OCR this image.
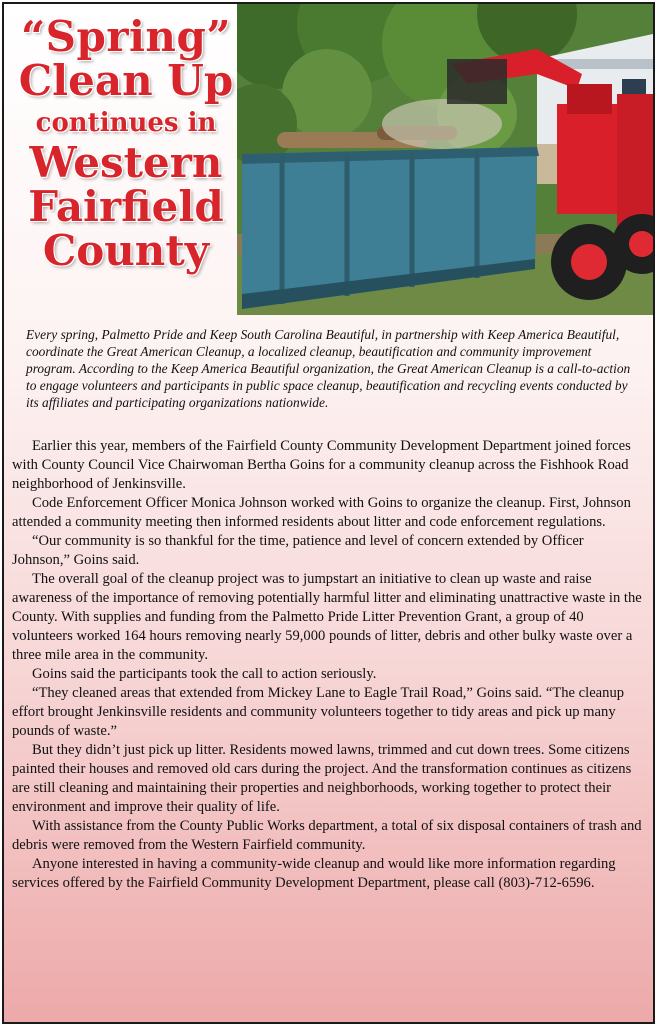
“Spring”
Clean Up
continues in
Western
Fairfield
County

Every spring, Palmetto Pride and Keep South Carolina Beautiful, in partnership with Keep America Beautiful, coordinate the Great American Cleanup, a localized cleanup, beautification and community improvement program. According to the Keep America Beautiful organization, the Great American Cleanup is a call-to-action to engage volunteers and participants in public space cleanup, beautification and recycling events conducted by its affiliates and participating organizations nationwide.

Earlier this year, members of the Fairfield County Community Development Department joined forces with County Council Vice Chairwoman Bertha Goins for a community cleanup across the Fishhook Road neighborhood of Jenkinsville.

Code Enforcement Officer Monica Johnson worked with Goins to organize the cleanup. First, Johnson attended a community meeting then informed residents about litter and code enforcement regulations.

“Our community is so thankful for the time, patience and level of concern extended by Officer Johnson,” Goins said.

The overall goal of the cleanup project was to jumpstart an initiative to clean up waste and raise awareness of the importance of removing potentially harmful litter and eliminating unattractive waste in the County. With supplies and funding from the Palmetto Pride Litter Prevention Grant, a group of 40 volunteers worked 164 hours removing nearly 59,000 pounds of litter, debris and other bulky waste over a three mile area in the community.

Goins said the participants took the call to action seriously.

“They cleaned areas that extended from Mickey Lane to Eagle Trail Road,” Goins said. “The cleanup effort brought Jenkinsville residents and community volunteers together to tidy areas and pick up many pounds of waste.”

But they didn’t just pick up litter. Residents mowed lawns, trimmed and cut down trees. Some citizens painted their houses and removed old cars during the project. And the transformation continues as citizens are still cleaning and maintaining their properties and neighborhoods, working together to protect their environment and improve their quality of life.

With assistance from the County Public Works department, a total of six disposal containers of trash and debris were removed from the Western Fairfield community.

Anyone interested in having a community-wide cleanup and would like more information regarding services offered by the Fairfield Community Development Department, please call (803)-712-6596.
